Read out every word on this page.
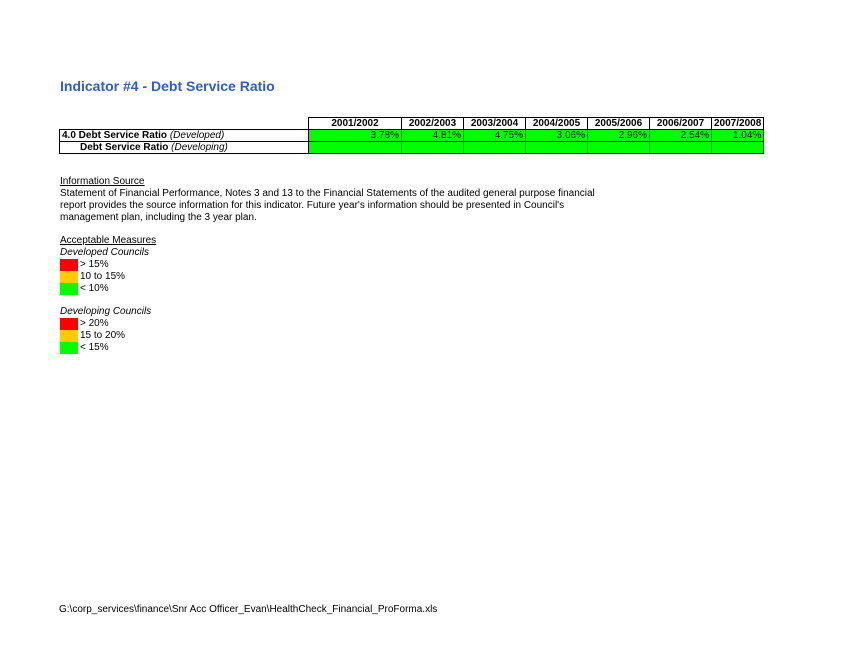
Indicator #4 - Debt Service Ratio
	2001/2002	2002/2003	2003/2004	2004/2005	2005/2006	2006/2007	2007/2008
4.0 Debt Service Ratio (Developed)	3.78%	4.81%	4.75%	3.06%	2.96%	2.54%	1.04%
Debt Service Ratio (Developing)							
Information Source
Statement of Financial Performance, Notes 3 and 13 to the Financial Statements of the audited general purpose financial
report provides the source information for this indicator. Future year's information should be presented in Council's
management plan, including the 3 year plan.
Acceptable Measures
Developed Councils
> 15%
10 to 15%
< 10%
Developing Councils
> 20%
15 to 20%
< 15%
G:\corp_services\finance\Snr Acc Officer_Evan\HealthCheck_Financial_ProForma.xls
